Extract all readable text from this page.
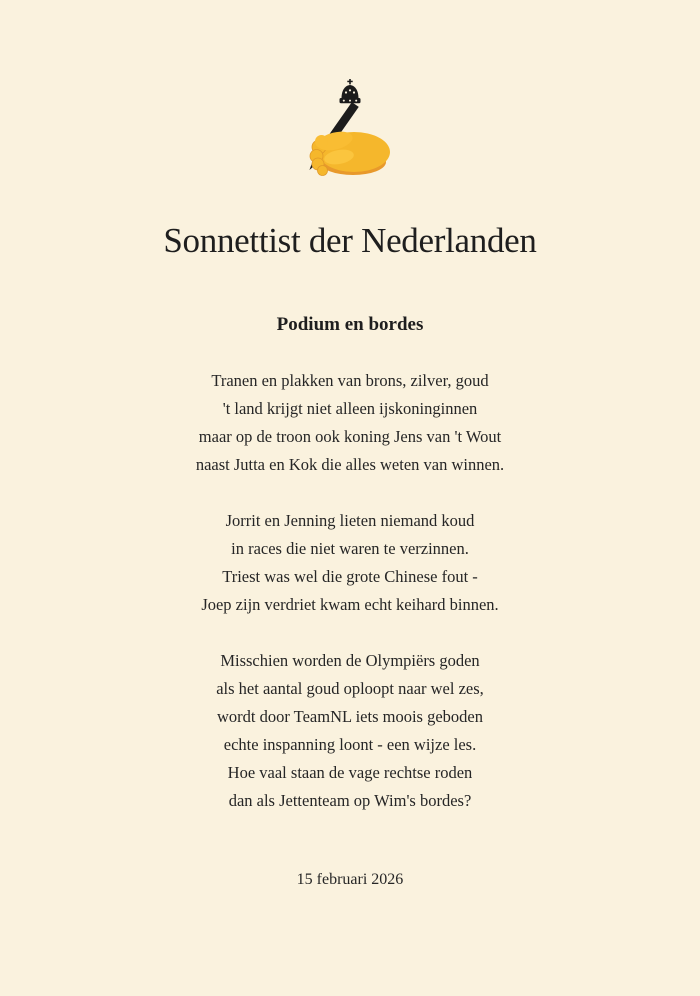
Sonnettist der Nederlanden
Podium en bordes
Tranen en plakken van brons, zilver, goud
't land krijgt niet alleen ijskoninginnen
maar op de troon ook koning Jens van 't Wout
naast Jutta en Kok die alles weten van winnen.
Jorrit en Jenning lieten niemand koud
in races die niet waren te verzinnen.
Triest was wel die grote Chinese fout -
Joep zijn verdriet kwam echt keihard binnen.
Misschien worden de Olympiërs goden
als het aantal goud oploopt naar wel zes,
wordt door TeamNL iets moois geboden
echte inspanning loont - een wijze les.
Hoe vaal staan de vage rechtse roden
dan als Jettenteam op Wim's bordes?
15 februari 2026
